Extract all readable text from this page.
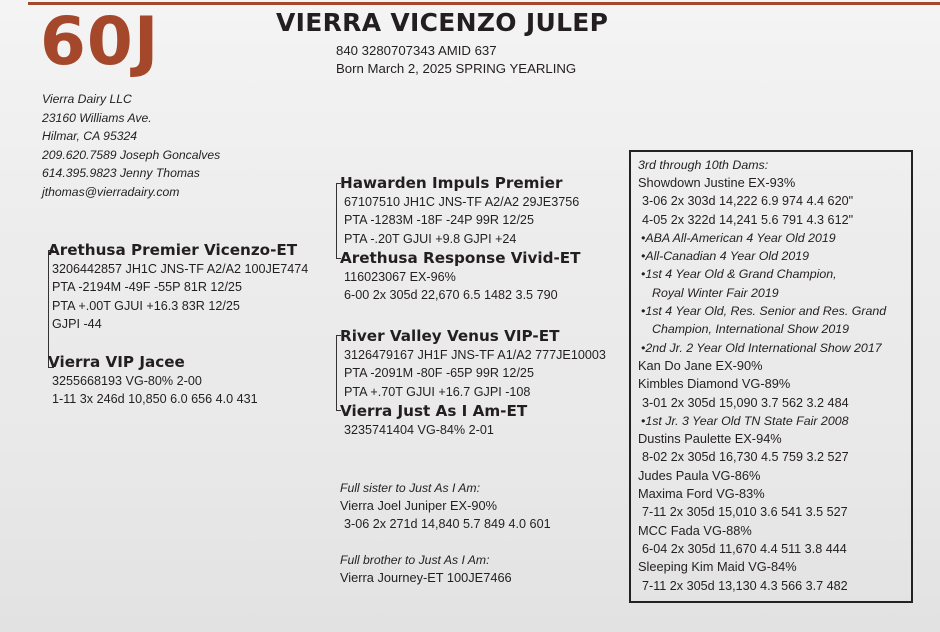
60J	VIERRA VICENZO JULEP
840 3280707343 AMID 637
Born March 2, 2025 SPRING YEARLING
Vierra Dairy LLC
23160 Williams Ave.
Hilmar, CA 95324
209.620.7589 Joseph Goncalves
614.395.9823 Jenny Thomas
jthomas@vierradairy.com
Arethusa Premier Vicenzo-ET
3206442857 JH1C JNS-TF A2/A2 100JE7474
PTA -2194M -49F -55P 81R 12/25
PTA +.00T GJUI +16.3 83R 12/25
GJPI -44
Vierra VIP Jacee
3255668193 VG-80% 2-00
1-11 3x 246d 10,850 6.0 656 4.0 431
Hawarden Impuls Premier
67107510 JH1C JNS-TF A2/A2 29JE3756
PTA -1283M -18F -24P 99R 12/25
PTA -.20T GJUI +9.8 GJPI +24
Arethusa Response Vivid-ET
116023067 EX-96%
6-00 2x 305d 22,670 6.5 1482 3.5 790
River Valley Venus VIP-ET
3126479167 JH1F JNS-TF A1/A2 777JE10003
PTA -2091M -80F -65P 99R 12/25
PTA +.70T GJUI +16.7 GJPI -108
Vierra Just As I Am-ET
3235741404 VG-84% 2-01
Full sister to Just As I Am:
Vierra Joel Juniper EX-90%
3-06 2x 271d 14,840 5.7 849 4.0 601
Full brother to Just As I Am:
Vierra Journey-ET 100JE7466
3rd through 10th Dams:
Showdown Justine EX-93%
3-06 2x 303d 14,222 6.9 974 4.4 620"
4-05 2x 322d 14,241 5.6 791 4.3 612"
•ABA All-American 4 Year Old 2019
•All-Canadian 4 Year Old 2019
•1st 4 Year Old & Grand Champion,
Royal Winter Fair 2019
•1st 4 Year Old, Res. Senior and Res. Grand
Champion, International Show 2019
•2nd Jr. 2 Year Old International Show 2017
Kan Do Jane EX-90%
Kimbles Diamond VG-89%
3-01 2x 305d 15,090 3.7 562 3.2 484
•1st Jr. 3 Year Old TN State Fair 2008
Dustins Paulette EX-94%
8-02 2x 305d 16,730 4.5 759 3.2 527
Judes Paula VG-86%
Maxima Ford VG-83%
7-11 2x 305d 15,010 3.6 541 3.5 527
MCC Fada VG-88%
6-04 2x 305d 11,670 4.4 511 3.8 444
Sleeping Kim Maid VG-84%
7-11 2x 305d 13,130 4.3 566 3.7 482
